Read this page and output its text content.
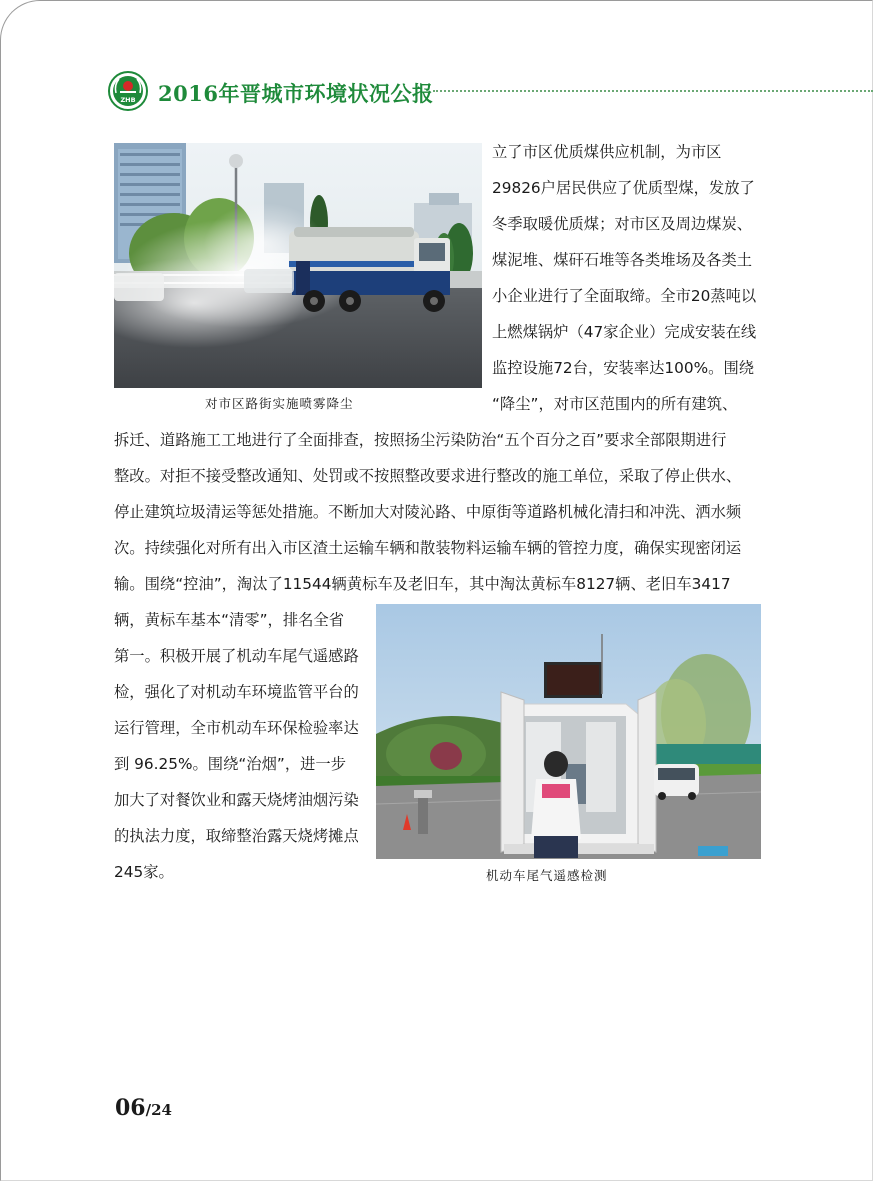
ZHB 2016年晋城市环境状况公报
对市区路街实施喷雾降尘
机动车尾气遥感检测
立了市区优质煤供应机制，为市区
29826户居民供应了优质型煤，发放了
冬季取暖优质煤；对市区及周边煤炭、
煤泥堆、煤矸石堆等各类堆场及各类土
小企业进行了全面取缔。全市20蒸吨以
上燃煤锅炉（47家企业）完成安装在线
监控设施72台，安装率达100%。围绕
“降尘”，对市区范围内的所有建筑、
拆迁、道路施工工地进行了全面排查，按照扬尘污染防治“五个百分之百”要求全部限期进行
整改。对拒不接受整改通知、处罚或不按照整改要求进行整改的施工单位，采取了停止供水、
停止建筑垃圾清运等惩处措施。不断加大对陵沁路、中原街等道路机械化清扫和冲洗、洒水频
次。持续强化对所有出入市区渣土运输车辆和散装物料运输车辆的管控力度，确保实现密闭运
输。围绕“控油”，淘汰了11544辆黄标车及老旧车，其中淘汰黄标车8127辆、老旧车3417
辆，黄标车基本“清零”，排名全省
第一。积极开展了机动车尾气遥感路
检，强化了对机动车环境监管平台的
运行管理，全市机动车环保检验率达
到 96.25%。围绕“治烟”，进一步
加大了对餐饮业和露天烧烤油烟污染
的执法力度，取缔整治露天烧烤摊点
245家。
06/24
